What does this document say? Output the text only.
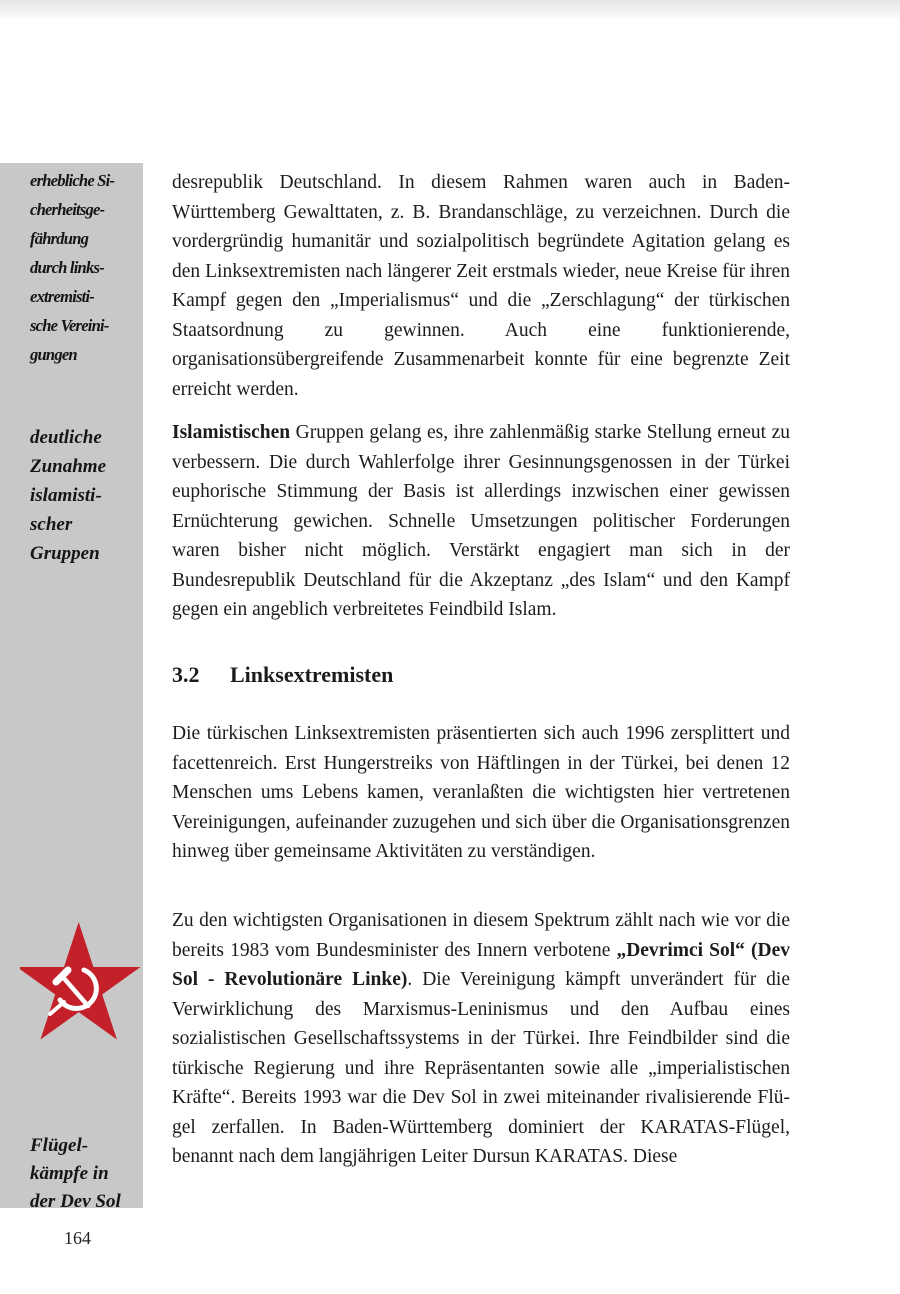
erhebliche Si-
cherheitsge-
fährdung
durch links-
extremisti-
sche Vereini-
gungen
deutliche
Zunahme
islamisti-
scher
Gruppen
Flügel-
kämpfe in
der Dev Sol

desrepublik Deutschland. In diesem Rahmen waren auch in Baden-Württemberg Gewalttaten, z. B. Brandanschläge, zu verzeichnen. Durch die vordergründig humanitär und sozialpolitisch begründete Agitation gelang es den Linksextremisten nach längerer Zeit erstmals wieder, neue Kreise für ihren Kampf gegen den „Imperialismus“ und die „Zerschlagung“ der türkischen Staatsordnung zu gewinnen. Auch eine funktionierende, organisationsübergreifende Zusammenarbeit konnte für eine begrenzte Zeit erreicht werden.

Islamistischen Gruppen gelang es, ihre zahlenmäßig starke Stellung erneut zu verbessern. Die durch Wahlerfolge ihrer Gesinnungsgenossen in der Türkei euphorische Stimmung der Basis ist allerdings inzwischen einer gewissen Ernüchterung gewichen. Schnelle Umsetzungen politischer Forderungen waren bisher nicht möglich. Verstärkt engagiert man sich in der Bundesrepublik Deutschland für die Akzeptanz „des Islam“ und den Kampf gegen ein angeblich verbreitetes Feindbild Islam.

3.2 Linksextremisten

Die türkischen Linksextremisten präsentierten sich auch 1996 zersplittert und facettenreich. Erst Hungerstreiks von Häftlingen in der Türkei, bei denen 12 Menschen ums Lebens kamen, veranlaßten die wichtigsten hier vertretenen Vereinigungen, aufeinander zuzugehen und sich über die Organisationsgrenzen hinweg über gemeinsame Aktivitäten zu verständigen.

Zu den wichtigsten Organisationen in diesem Spektrum zählt nach wie vor die bereits 1983 vom Bundesminister des Innern verbotene „Devrimci Sol“ (Dev Sol - Revolutionäre Linke). Die Vereinigung kämpft unverändert für die Verwirklichung des Marxismus-Leninismus und den Aufbau eines sozialistischen Gesellschaftssystems in der Türkei. Ihre Feindbilder sind die türkische Regierung und ihre Repräsentanten sowie alle „imperialistischen Kräfte“. Bereits 1993 war die Dev Sol in zwei miteinander rivalisierende Flügel zerfallen. In Baden-Württemberg dominiert der KARATAS-Flügel, benannt nach dem langjährigen Leiter Dursun KARATAS. Diese

164
